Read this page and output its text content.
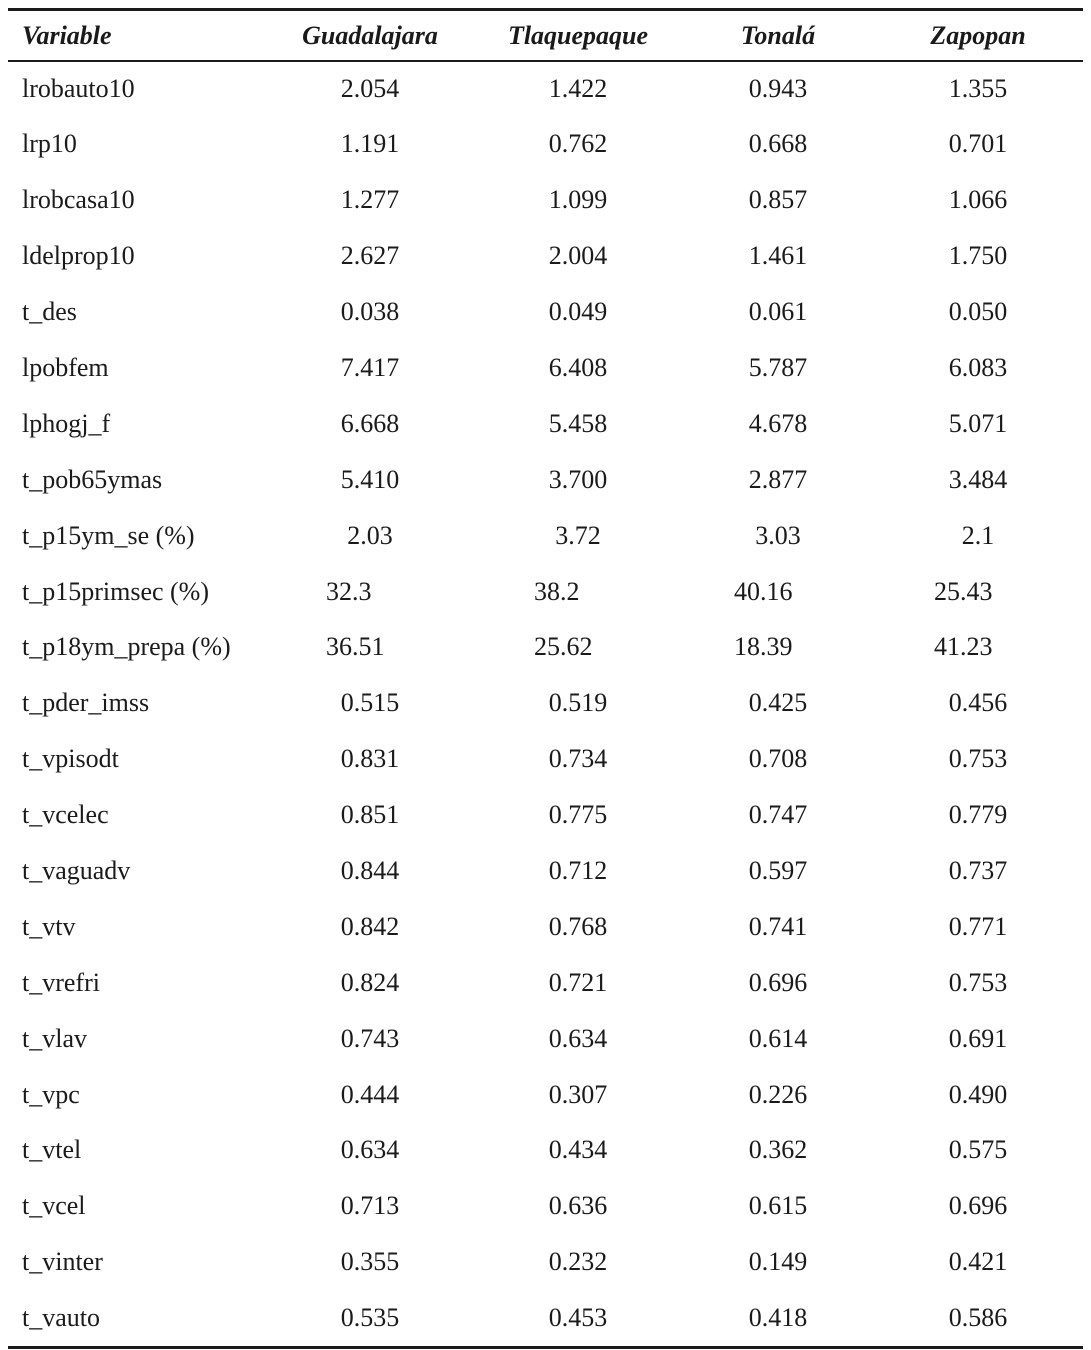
Variable	Guadalajara	Tlaquepaque	Tonalá	Zapopan
lrobauto10	2.054	1.422	0.943	1.355
lrp10	1.191	0.762	0.668	0.701
lrobcasa10	1.277	1.099	0.857	1.066
ldelprop10	2.627	2.004	1.461	1.750
t_des	0.038	0.049	0.061	0.050
lpobfem	7.417	6.408	5.787	6.083
lphogj_f	6.668	5.458	4.678	5.071
t_pob65ymas	5.410	3.700	2.877	3.484
t_p15ym_se (%)	2.03	3.72	3.03	2.1
t_p15primsec (%)	32.3	38.2	40.16	25.43
t_p18ym_prepa (%)	36.51	25.62	18.39	41.23
t_pder_imss	0.515	0.519	0.425	0.456
t_vpisodt	0.831	0.734	0.708	0.753
t_vcelec	0.851	0.775	0.747	0.779
t_vaguadv	0.844	0.712	0.597	0.737
t_vtv	0.842	0.768	0.741	0.771
t_vrefri	0.824	0.721	0.696	0.753
t_vlav	0.743	0.634	0.614	0.691
t_vpc	0.444	0.307	0.226	0.490
t_vtel	0.634	0.434	0.362	0.575
t_vcel	0.713	0.636	0.615	0.696
t_vinter	0.355	0.232	0.149	0.421
t_vauto	0.535	0.453	0.418	0.586
